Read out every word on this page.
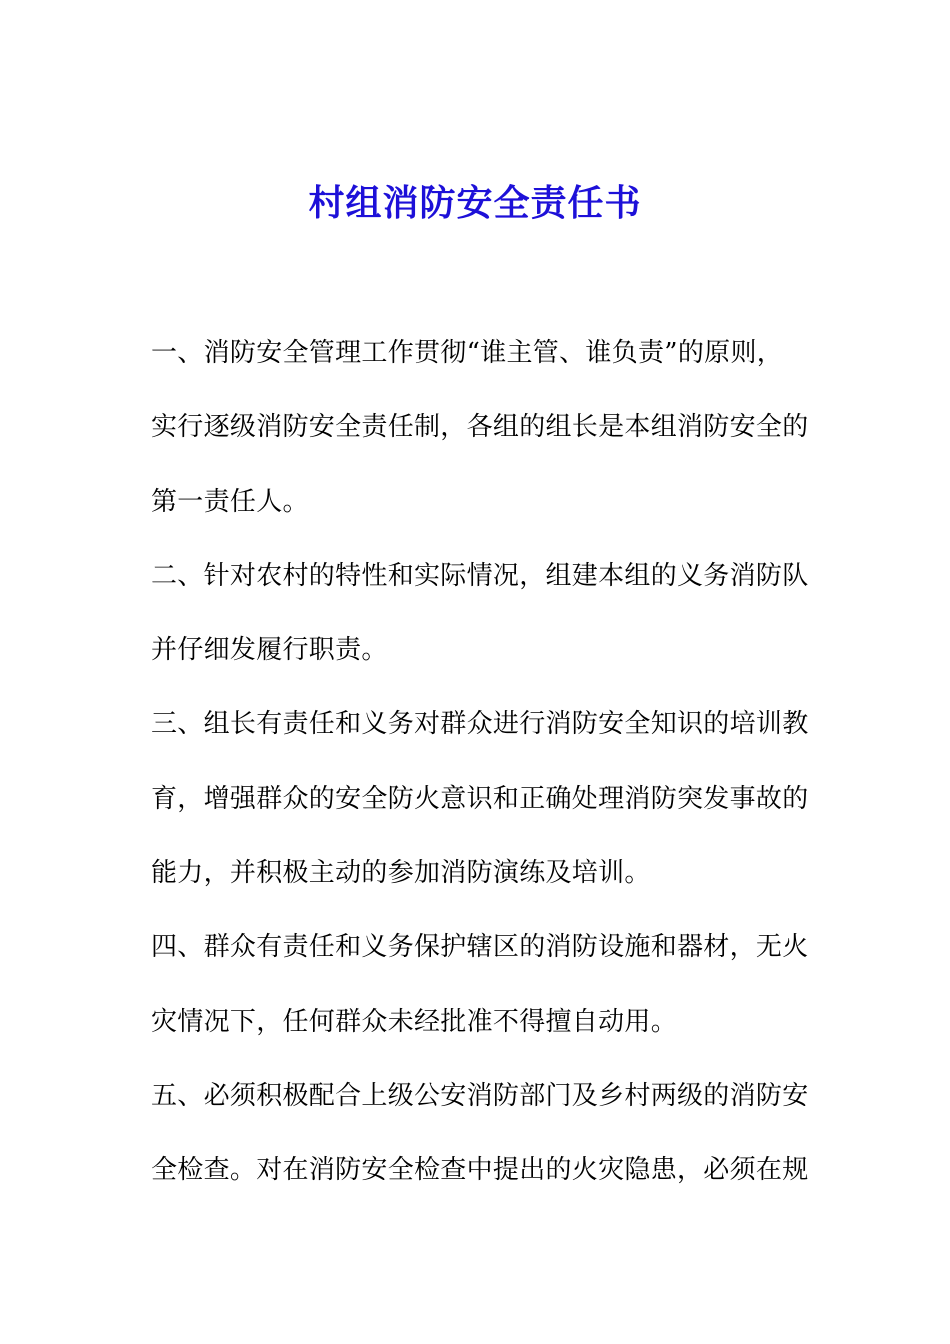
村组消防安全责任书
一、消防安全管理工作贯彻“谁主管、谁负责”的原则，
实行逐级消防安全责任制，各组的组长是本组消防安全的
第一责任人。
二、针对农村的特性和实际情况，组建本组的义务消防队
并仔细发履行职责。
三、组长有责任和义务对群众进行消防安全知识的培训教
育，增强群众的安全防火意识和正确处理消防突发事故的
能力，并积极主动的参加消防演练及培训。
四、群众有责任和义务保护辖区的消防设施和器材，无火
灾情况下，任何群众未经批准不得擅自动用。
五、必须积极配合上级公安消防部门及乡村两级的消防安
全检查。对在消防安全检查中提出的火灾隐患，必须在规
